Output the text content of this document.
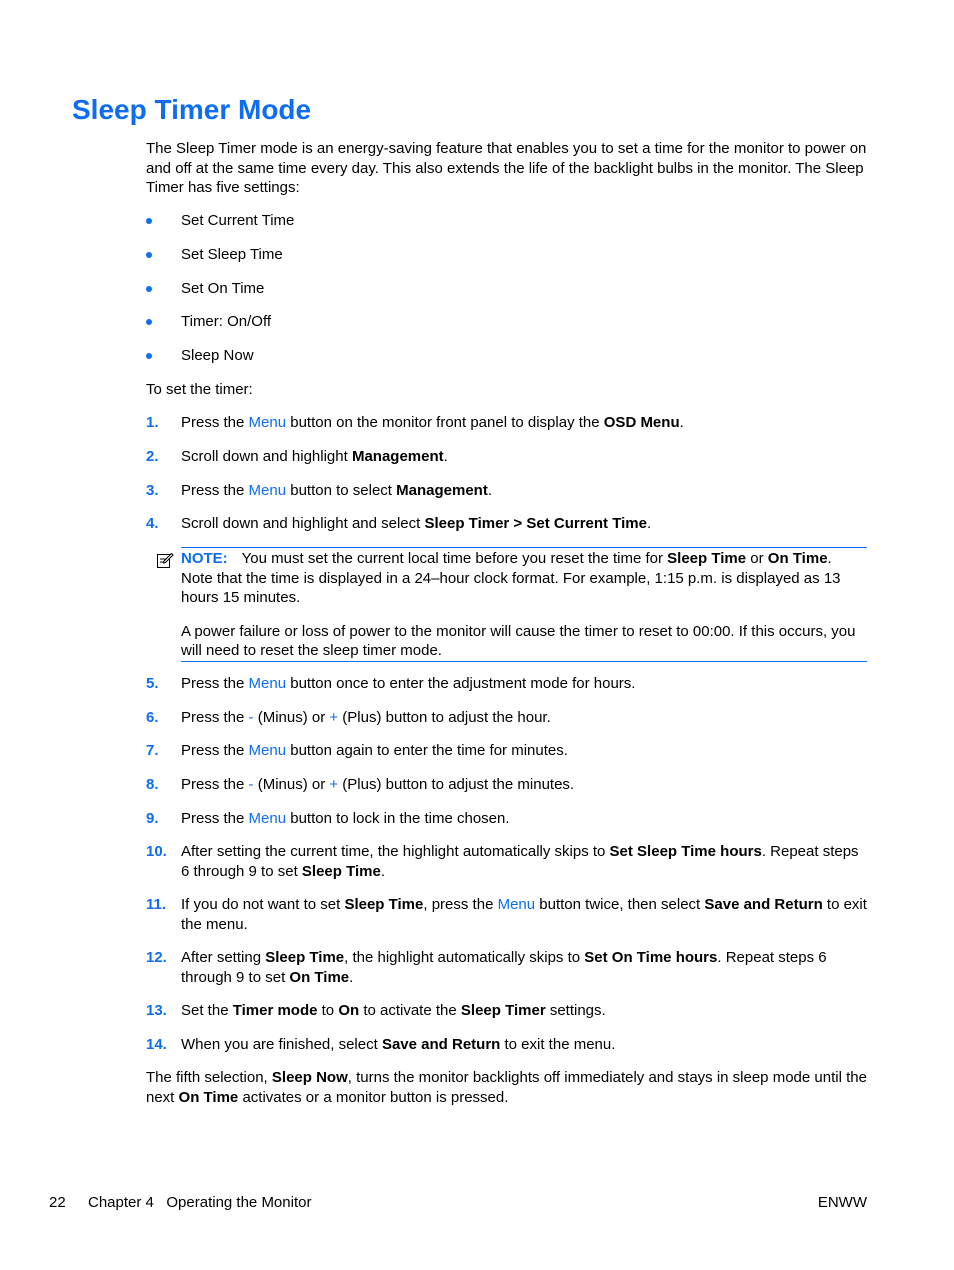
Sleep Timer Mode

The Sleep Timer mode is an energy-saving feature that enables you to set a time for the monitor to power on and off at the same time every day. This also extends the life of the backlight bulbs in the monitor. The Sleep Timer has five settings:

Set Current Time
Set Sleep Time
Set On Time
Timer: On/Off
Sleep Now

To set the timer:

1. Press the Menu button on the monitor front panel to display the OSD Menu.
2. Scroll down and highlight Management.
3. Press the Menu button to select Management.
4. Scroll down and highlight and select Sleep Timer > Set Current Time.

NOTE: You must set the current local time before you reset the time for Sleep Time or On Time. Note that the time is displayed in a 24–hour clock format. For example, 1:15 p.m. is displayed as 13 hours 15 minutes.

A power failure or loss of power to the monitor will cause the timer to reset to 00:00. If this occurs, you will need to reset the sleep timer mode.

5. Press the Menu button once to enter the adjustment mode for hours.
6. Press the - (Minus) or + (Plus) button to adjust the hour.
7. Press the Menu button again to enter the time for minutes.
8. Press the - (Minus) or + (Plus) button to adjust the minutes.
9. Press the Menu button to lock in the time chosen.
10. After setting the current time, the highlight automatically skips to Set Sleep Time hours. Repeat steps 6 through 9 to set Sleep Time.
11. If you do not want to set Sleep Time, press the Menu button twice, then select Save and Return to exit the menu.
12. After setting Sleep Time, the highlight automatically skips to Set On Time hours. Repeat steps 6 through 9 to set On Time.
13. Set the Timer mode to On to activate the Sleep Timer settings.
14. When you are finished, select Save and Return to exit the menu.

The fifth selection, Sleep Now, turns the monitor backlights off immediately and stays in sleep mode until the next On Time activates or a monitor button is pressed.

22 Chapter 4   Operating the Monitor	ENWW
